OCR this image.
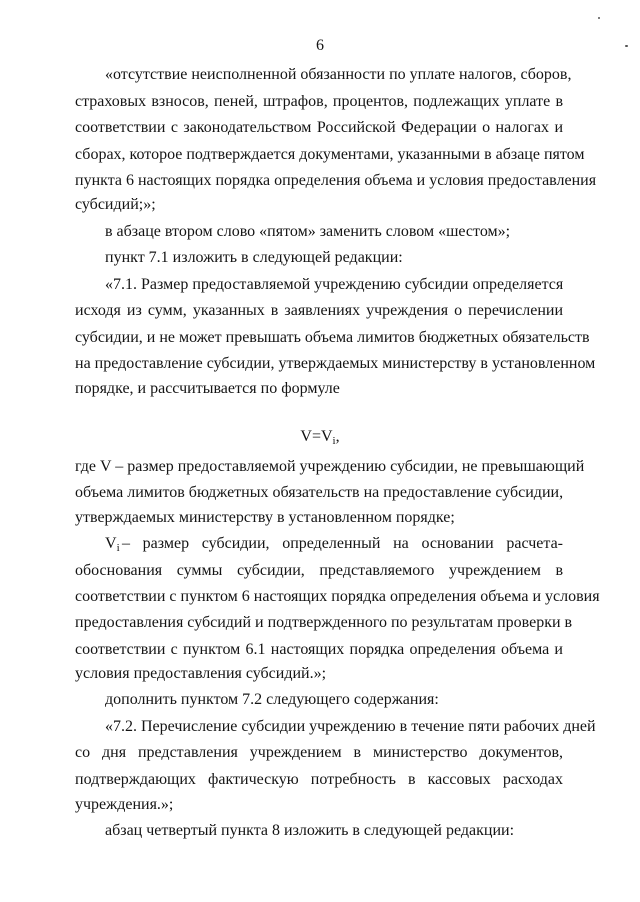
6
«отсутствие неисполненной обязанности по уплате налогов, сборов,
страховых взносов, пеней, штрафов, процентов, подлежащих уплате в
соответствии с законодательством Российской Федерации о налогах и
сборах, которое подтверждается документами, указанными в абзаце пятом
пункта 6 настоящих порядка определения объема и условия предоставления
субсидий;»;
в абзаце втором слово «пятом» заменить словом «шестом»;
пункт 7.1 изложить в следующей редакции:
«7.1. Размер предоставляемой учреждению субсидии определяется
исходя из сумм, указанных в заявлениях учреждения о перечислении
субсидии, и не может превышать объема лимитов бюджетных обязательств
на предоставление субсидии, утверждаемых министерству в установленном
порядке, и рассчитывается по формуле
$V=V_i$,
где V – размер предоставляемой учреждению субсидии, не превышающий
объема лимитов бюджетных обязательств на предоставление субсидии,
утверждаемых министерству в установленном порядке;
$V_i$ – размер субсидии, определенный на основании расчета-
обоснования суммы субсидии, представляемого учреждением в
соответствии с пунктом 6 настоящих порядка определения объема и условия
предоставления субсидий и подтвержденного по результатам проверки в
соответствии с пунктом 6.1 настоящих порядка определения объема и
условия предоставления субсидий.»;
дополнить пунктом 7.2 следующего содержания:
«7.2. Перечисление субсидии учреждению в течение пяти рабочих дней
со дня представления учреждением в министерство документов,
подтверждающих фактическую потребность в кассовых расходах
учреждения.»;
абзац четвертый пункта 8 изложить в следующей редакции:
